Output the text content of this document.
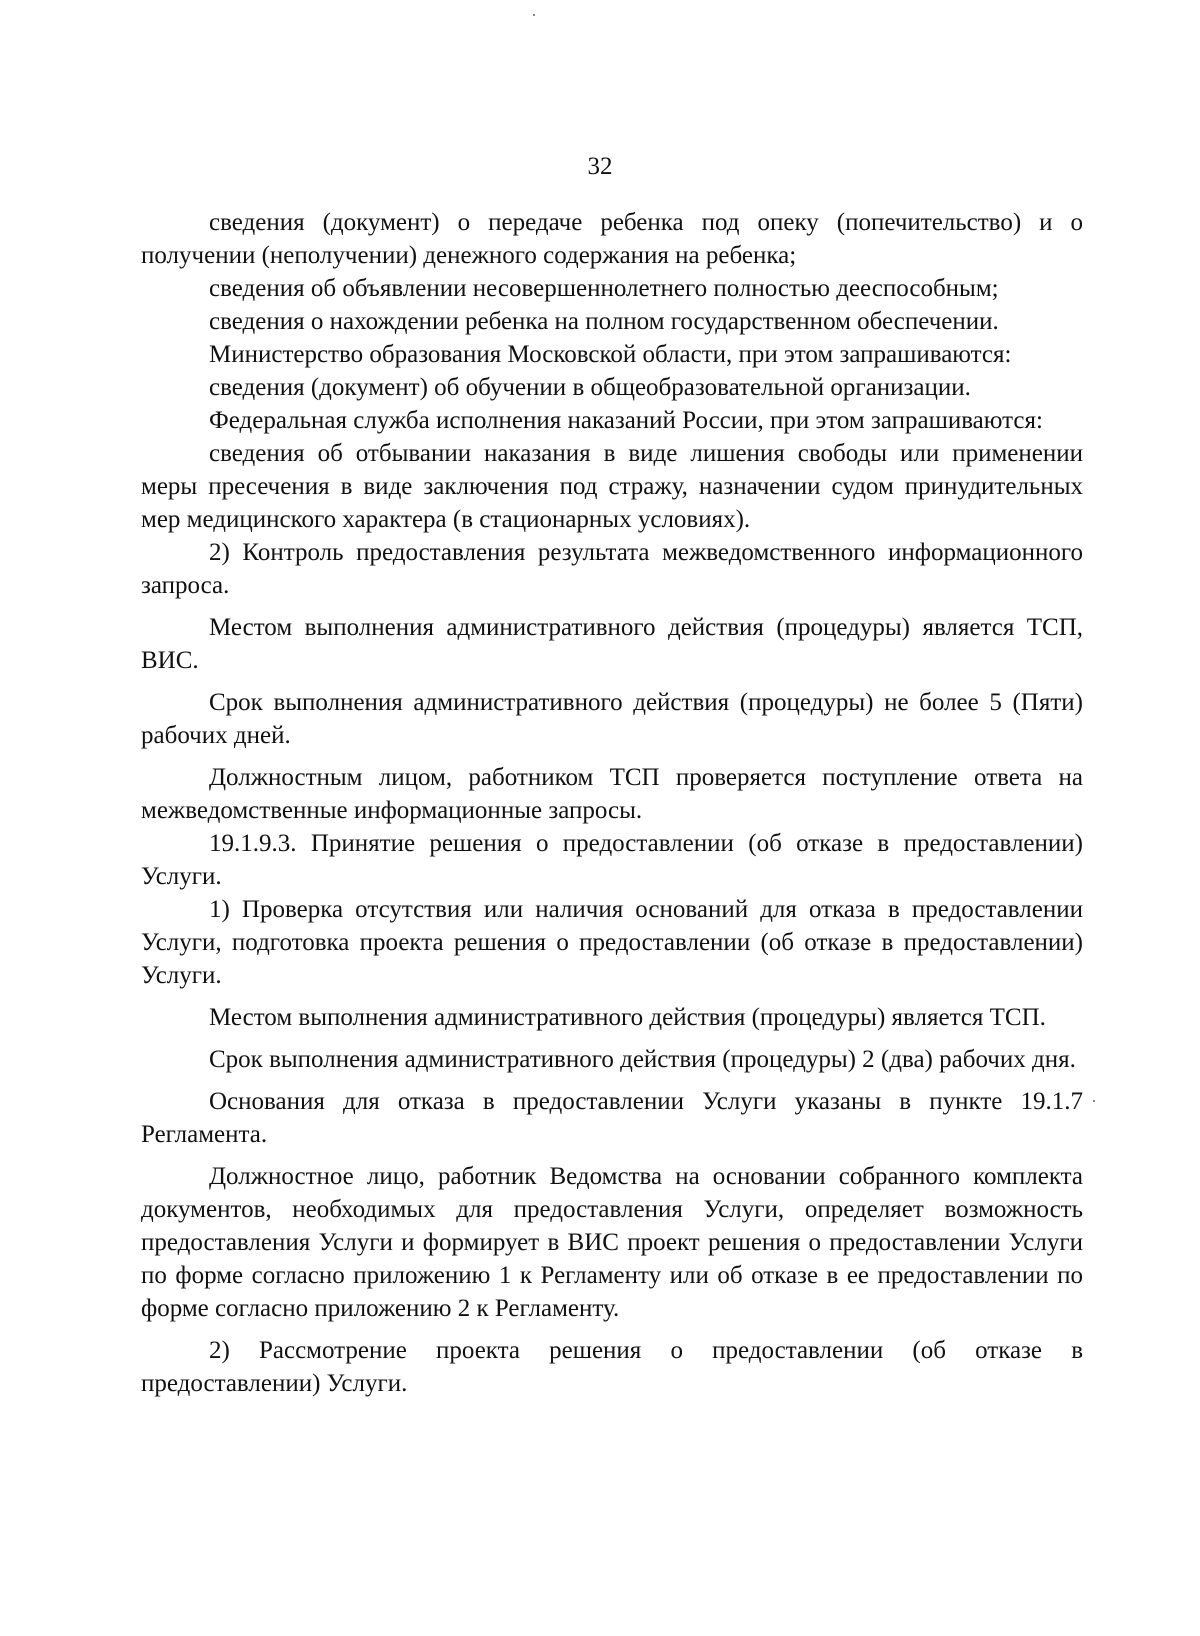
32

сведения (документ) о передаче ребенка под опеку (попечительство) и о получении (неполучении) денежного содержания на ребенка;

сведения об объявлении несовершеннолетнего полностью дееспособным;

сведения о нахождении ребенка на полном государственном обеспечении.

Министерство образования Московской области, при этом запрашиваются:

сведения (документ) об обучении в общеобразовательной организации.

Федеральная служба исполнения наказаний России, при этом запрашиваются:

сведения об отбывании наказания в виде лишения свободы или применении меры пресечения в виде заключения под стражу, назначении судом принудительных мер медицинского характера (в стационарных условиях).

2) Контроль предоставления результата межведомственного информационного запроса.

Местом выполнения административного действия (процедуры) является ТСП, ВИС.

Срок выполнения административного действия (процедуры) не более 5 (Пяти) рабочих дней.

Должностным лицом, работником ТСП проверяется поступление ответа на межведомственные информационные запросы.

19.1.9.3. Принятие решения о предоставлении (об отказе в предоставлении) Услуги.

1) Проверка отсутствия или наличия оснований для отказа в предоставлении Услуги, подготовка проекта решения о предоставлении (об отказе в предоставлении) Услуги.

Местом выполнения административного действия (процедуры) является ТСП.

Срок выполнения административного действия (процедуры) 2 (два) рабочих дня.

Основания для отказа в предоставлении Услуги указаны в пункте 19.1.7 Регламента.

Должностное лицо, работник Ведомства на основании собранного комплекта документов, необходимых для предоставления Услуги, определяет возможность предоставления Услуги и формирует в ВИС проект решения о предоставлении Услуги по форме согласно приложению 1 к Регламенту или об отказе в ее предоставлении по форме согласно приложению 2 к Регламенту.

2) Рассмотрение проекта решения о предоставлении (об отказе в предоставлении) Услуги.
